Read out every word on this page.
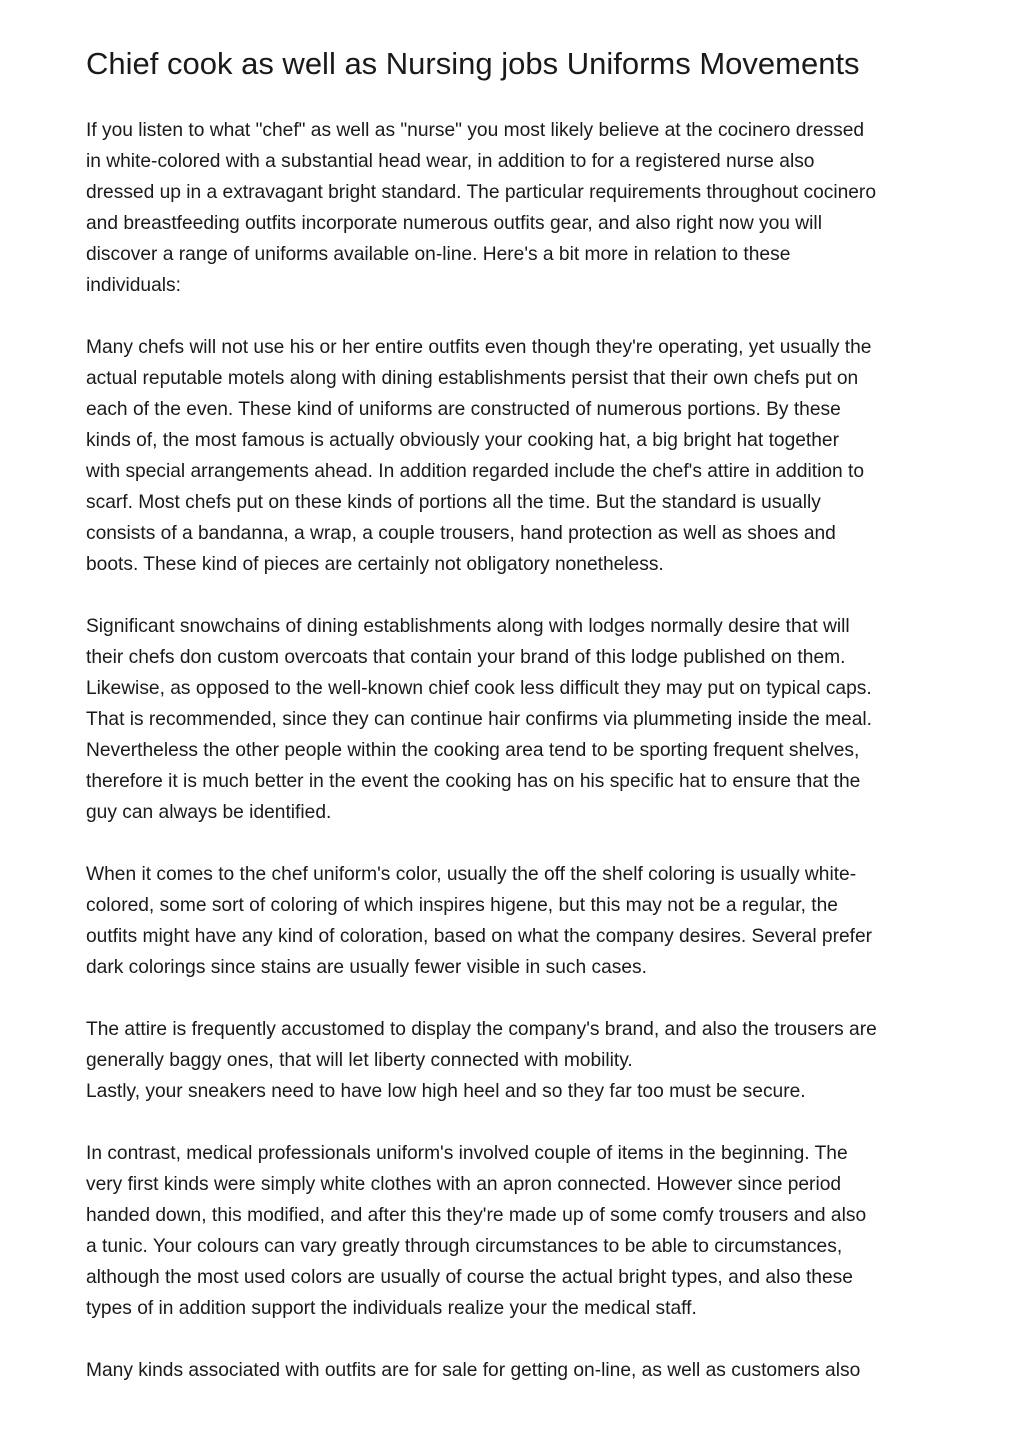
Chief cook as well as Nursing jobs Uniforms Movements

If you listen to what "chef" as well as "nurse" you most likely believe at the cocinero dressed
in white-colored with a substantial head wear, in addition to for a registered nurse also
dressed up in a extravagant bright standard. The particular requirements throughout cocinero
and breastfeeding outfits incorporate numerous outfits gear, and also right now you will
discover a range of uniforms available on-line. Here's a bit more in relation to these
individuals:

Many chefs will not use his or her entire outfits even though they're operating, yet usually the
actual reputable motels along with dining establishments persist that their own chefs put on
each of the even. These kind of uniforms are constructed of numerous portions. By these
kinds of, the most famous is actually obviously your cooking hat, a big bright hat together
with special arrangements ahead. In addition regarded include the chef's attire in addition to
scarf. Most chefs put on these kinds of portions all the time. But the standard is usually
consists of a bandanna, a wrap, a couple trousers, hand protection as well as shoes and
boots. These kind of pieces are certainly not obligatory nonetheless.

Significant snowchains of dining establishments along with lodges normally desire that will
their chefs don custom overcoats that contain your brand of this lodge published on them.
Likewise, as opposed to the well-known chief cook less difficult they may put on typical caps.
That is recommended, since they can continue hair confirms via plummeting inside the meal.
Nevertheless the other people within the cooking area tend to be sporting frequent shelves,
therefore it is much better in the event the cooking has on his specific hat to ensure that the
guy can always be identified.

When it comes to the chef uniform's color, usually the off the shelf coloring is usually white-
colored, some sort of coloring of which inspires higene, but this may not be a regular, the
outfits might have any kind of coloration, based on what the company desires. Several prefer
dark colorings since stains are usually fewer visible in such cases.

The attire is frequently accustomed to display the company's brand, and also the trousers are
generally baggy ones, that will let liberty connected with mobility.
Lastly, your sneakers need to have low high heel and so they far too must be secure.

In contrast, medical professionals uniform's involved couple of items in the beginning. The
very first kinds were simply white clothes with an apron connected. However since period
handed down, this modified, and after this they're made up of some comfy trousers and also
a tunic. Your colours can vary greatly through circumstances to be able to circumstances,
although the most used colors are usually of course the actual bright types, and also these
types of in addition support the individuals realize your the medical staff.

Many kinds associated with outfits are for sale for getting on-line, as well as customers also
